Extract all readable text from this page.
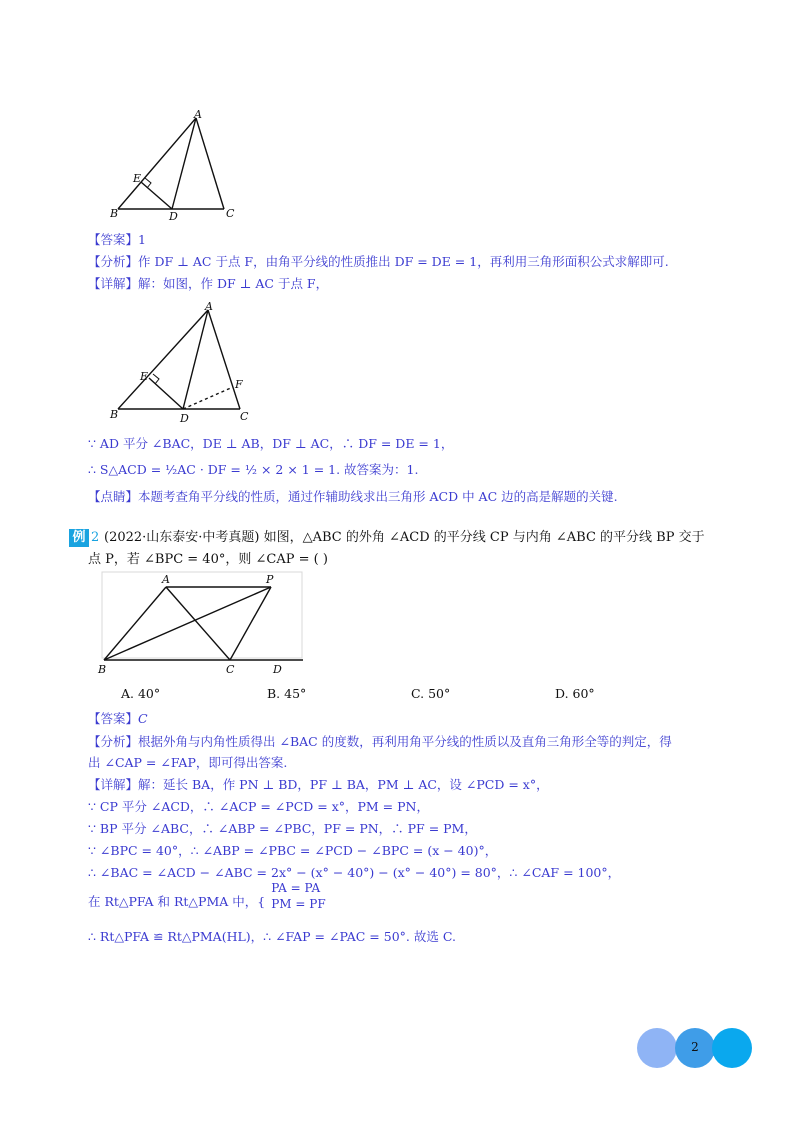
A
B	C
D
E
【答案】1
【分析】作 DF ⊥ AC 于点 F，由角平分线的性质推出 DF = DE = 1，再利用三角形面积公式求解即可.
【详解】解：如图，作 DF ⊥ AC 于点 F，
A
B	C
D
E
F
∵ AD 平分 ∠BAC，DE ⊥ AB，DF ⊥ AC，∴ DF = DE = 1，
∴ S△ACD = ½AC · DF = ½ × 2 × 1 = 1. 故答案为：1.
【点睛】本题考查角平分线的性质，通过作辅助线求出三角形 ACD 中 AC 边的高是解题的关键.
例 2 (2022·山东泰安·中考真题) 如图，△ABC 的外角 ∠ACD 的平分线 CP 与内角 ∠ABC 的平分线 BP 交于
点 P，若 ∠BPC = 40°，则 ∠CAP = ( )
A	P
B	C	D
A. 40°	B. 45°	C. 50°	D. 60°
【答案】C
【分析】根据外角与内角性质得出 ∠BAC 的度数，再利用角平分线的性质以及直角三角形全等的判定，得
出 ∠CAP = ∠FAP，即可得出答案.
【详解】解：延长 BA，作 PN ⊥ BD，PF ⊥ BA，PM ⊥ AC，设 ∠PCD = x°，
∵ CP 平分 ∠ACD，∴ ∠ACP = ∠PCD = x°，PM = PN，
∵ BP 平分 ∠ABC，∴ ∠ABP = ∠PBC，PF = PN，∴ PF = PM，
∵ ∠BPC = 40°，∴ ∠ABP = ∠PBC = ∠PCD − ∠BPC = (x − 40)°，
∴ ∠BAC = ∠ACD − ∠ABC = 2x° − (x° − 40°) − (x° − 40°) = 80°，∴ ∠CAF = 100°，
在 Rt△PFA 和 Rt△PMA 中，{
PA = PA
PM = PF
∴ Rt△PFA ≌ Rt△PMA(HL)，∴ ∠FAP = ∠PAC = 50°. 故选 C.
2
